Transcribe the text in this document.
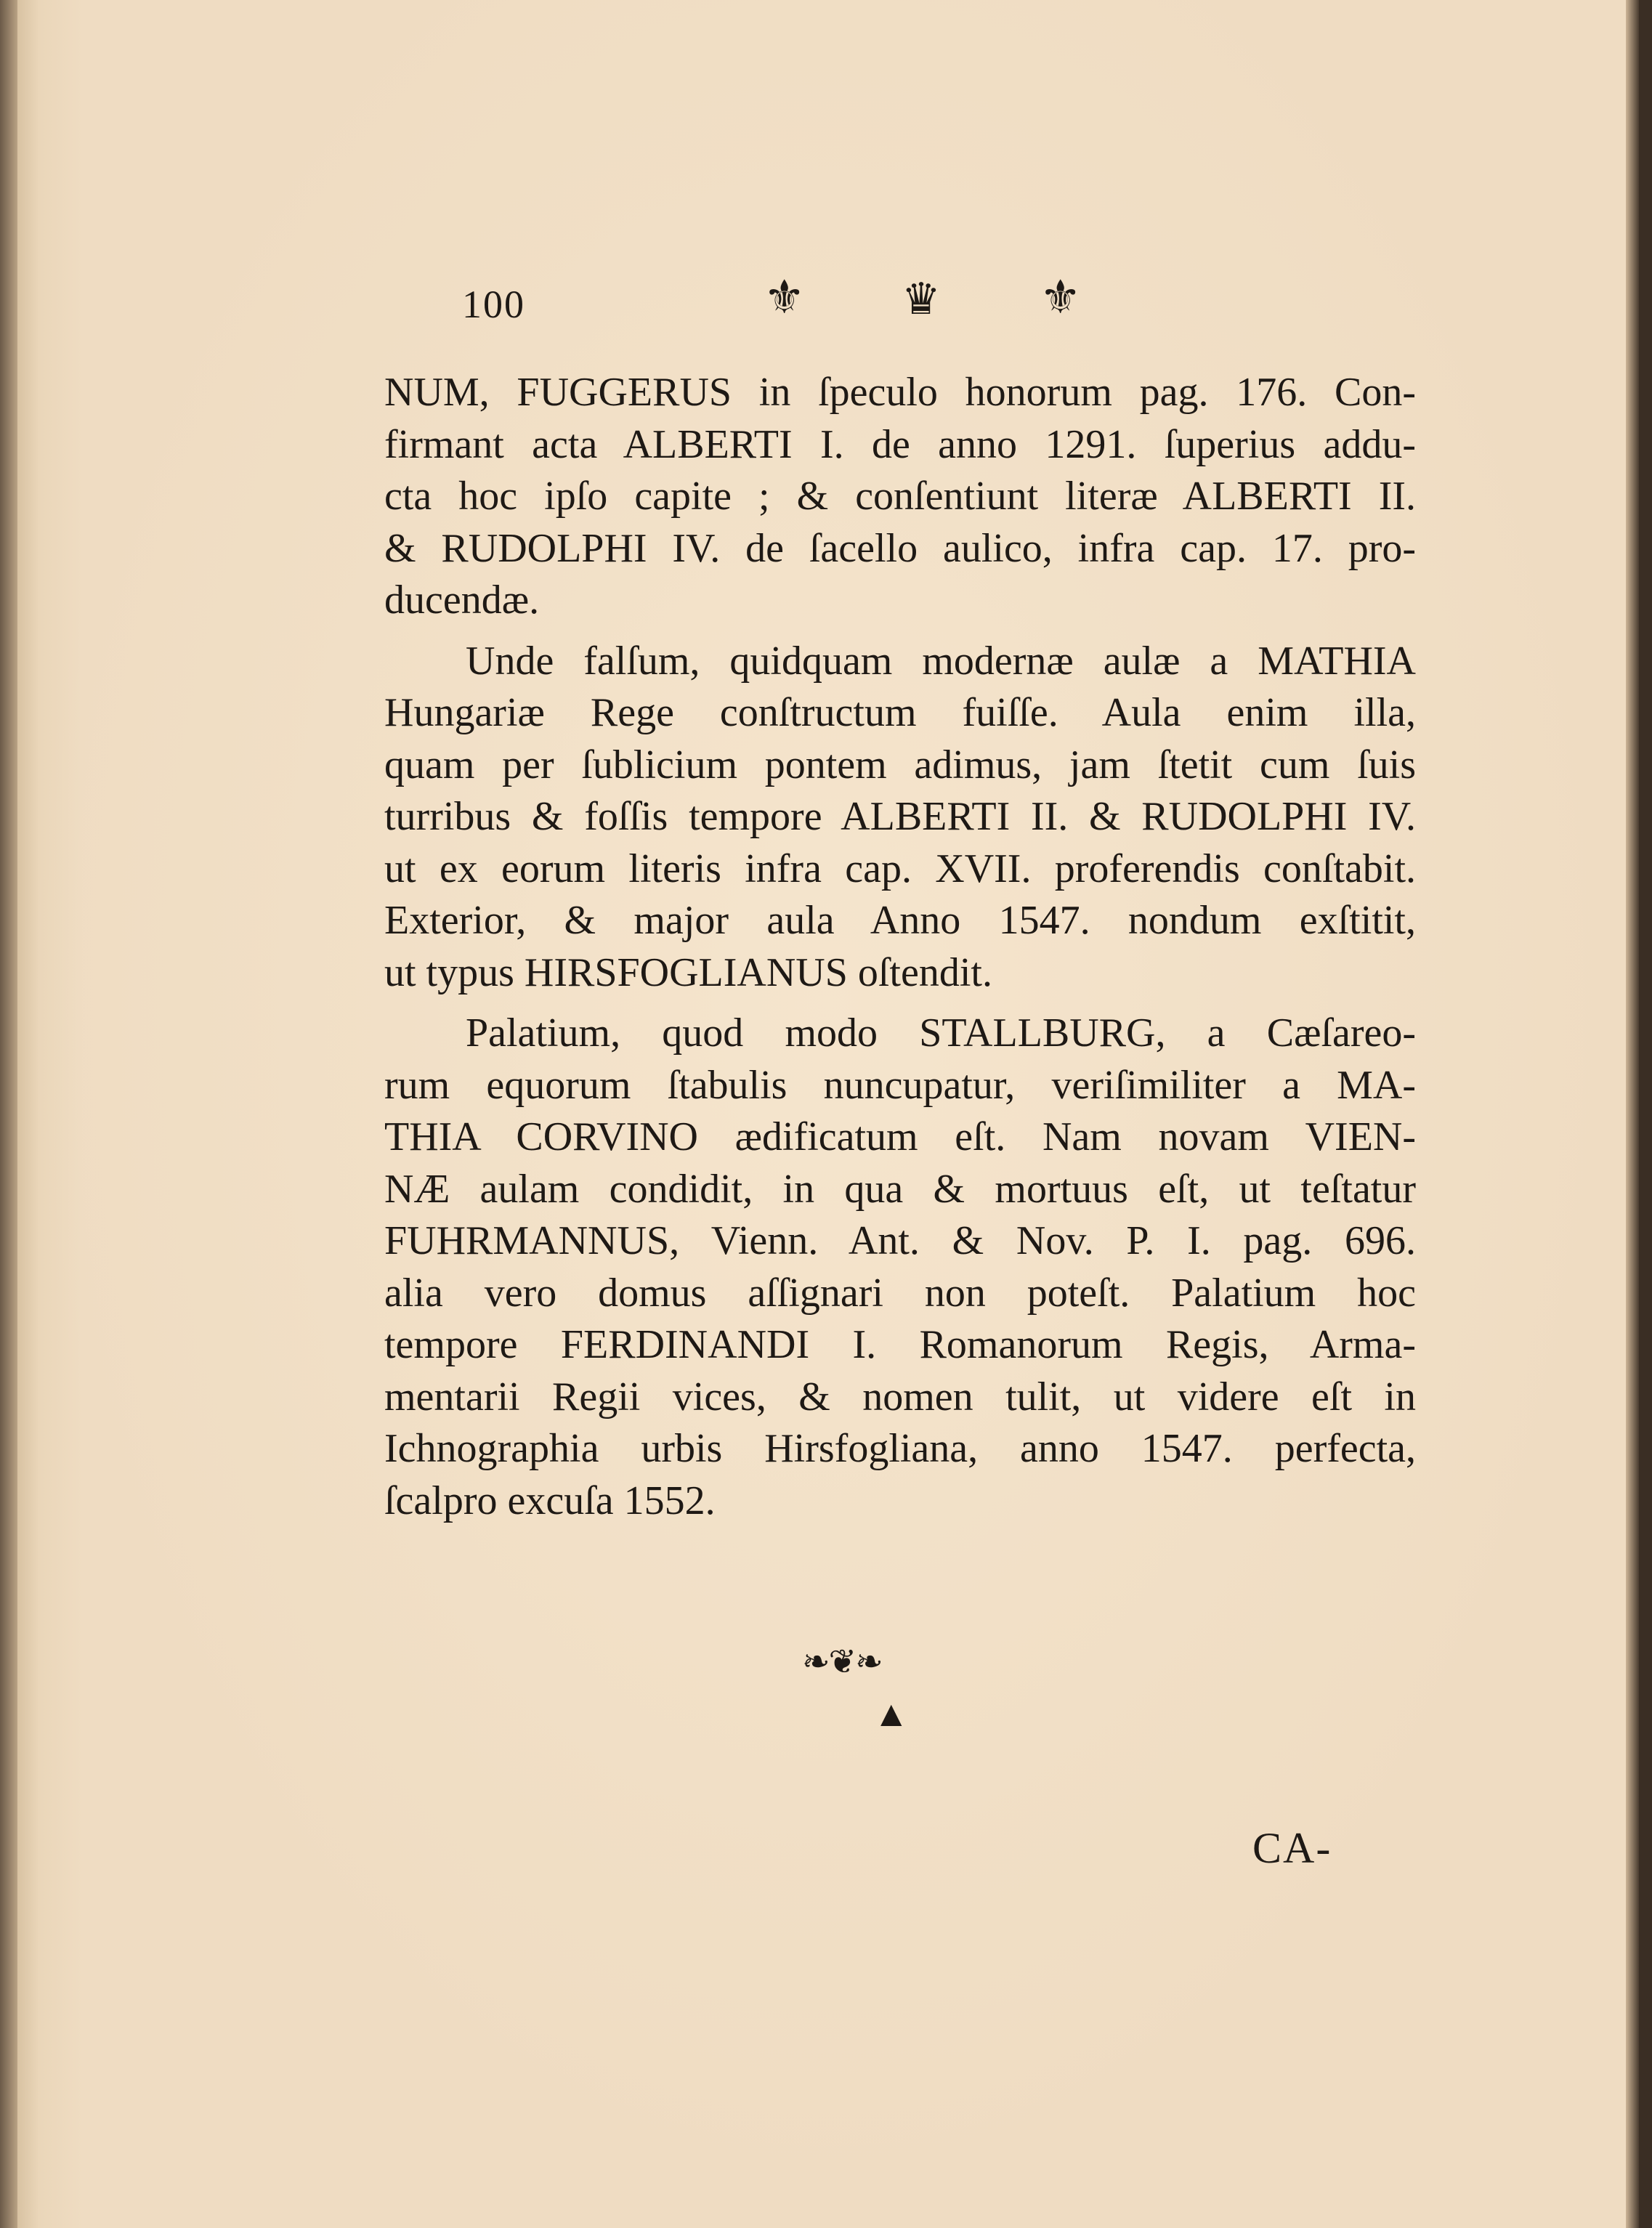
100	⚜ ♛ ⚜
NUM, FUGGERUS in ſpeculo honorum pag. 176. Con-
firmant acta ALBERTI I. de anno 1291. ſuperius addu-
cta hoc ipſo capite ; & conſentiunt literæ ALBERTI II.
& RUDOLPHI IV. de ſacello aulico, infra cap. 17. pro-
ducendæ.
Unde falſum, quidquam modernæ aulæ a MATHIA
Hungariæ Rege conſtructum fuiſſe. Aula enim illa,
quam per ſublicium pontem adimus, jam ſtetit cum ſuis
turribus & foſſis tempore ALBERTI II. & RUDOLPHI IV.
ut ex eorum literis infra cap. XVII. proferendis conſtabit.
Exterior, & major aula Anno 1547. nondum exſtitit,
ut typus HIRSFOGLIANUS oſtendit.
Palatium, quod modo STALLBURG, a Cæſareo-
rum equorum ſtabulis nuncupatur, veriſimiliter a MA-
THIA CORVINO ædificatum eſt. Nam novam VIEN-
NÆ aulam condidit, in qua & mortuus eſt, ut teſtatur
FUHRMANNUS, Vienn. Ant. & Nov. P. I. pag. 696.
alia vero domus aſſignari non poteſt. Palatium hoc
tempore FERDINANDI I. Romanorum Regis, Arma-
mentarii Regii vices, & nomen tulit, ut videre eſt in
Ichnographia urbis Hirsfogliana, anno 1547. perfecta,
ſcalpro excuſa 1552.
❧❦❧
▲
CA-
